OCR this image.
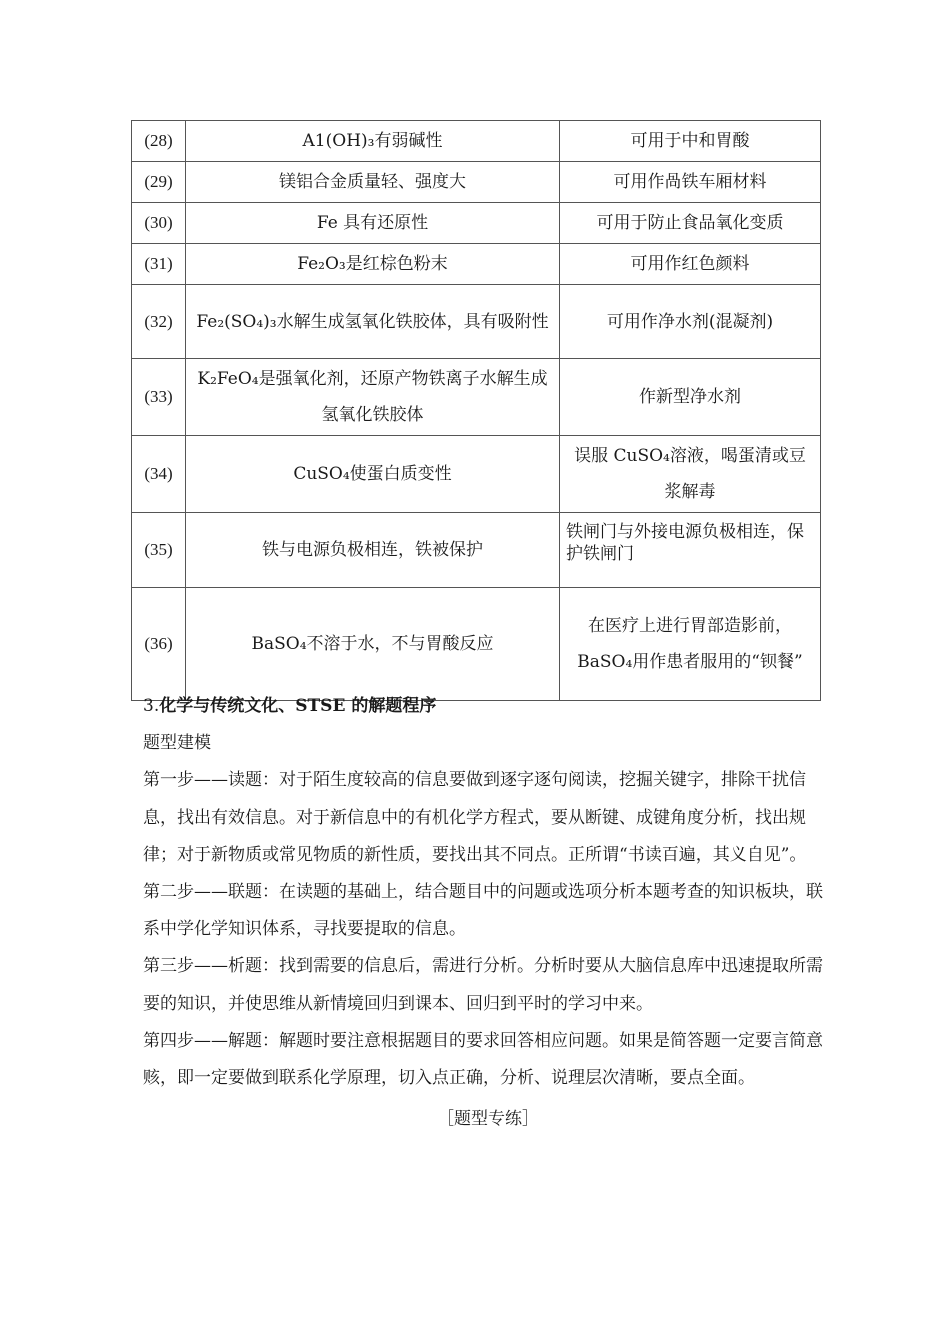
(28)	A1(OH)₃有弱碱性	可用于中和胃酸
(29)	镁铝合金质量轻、强度大	可用作咼铁车厢材料
(30)	Fe 具有还原性	可用于防止食品氧化变质
(31)	Fe₂O₃是红棕色粉末	可用作红色颜料
(32)	Fe₂(SO₄)₃水解生成氢氧化铁胶体，具有吸附性	可用作净水剂(混凝剂)
(33)	K₂FeO₄是强氧化剂，还原产物铁离子水解生成氢氧化铁胶体	作新型净水剂
(34)	CuSO₄使蛋白质变性	误服 CuSO₄溶液，喝蛋清或豆浆解毒
(35)	铁与电源负极相连，铁被保护	铁闸门与外接电源负极相连，保护铁闸门

(36)	BaSO₄不溶于水，不与胃酸反应	在医疗上进行胃部造影前，BaSO₄用作患者服用的“钡餐”

3.化学与传统文化、STSE 的解题程序

题型建模

第一步——读题：对于陌生度较高的信息要做到逐字逐句阅读，挖掘关键字，排除干扰信息，找出有效信息。对于新信息中的有机化学方程式，要从断键、成键角度分析，找出规律；对于新物质或常见物质的新性质，要找出其不同点。正所谓“书读百遍，其义自见”。

第二步——联题：在读题的基础上，结合题目中的问题或选项分析本题考查的知识板块，联系中学化学知识体系，寻找要提取的信息。

第三步——析题：找到需要的信息后，需进行分析。分析时要从大脑信息库中迅速提取所需要的知识，并使思维从新情境回归到课本、回归到平时的学习中来。

第四步——解题：解题时要注意根据题目的要求回答相应问题。如果是简答题一定要言简意赅，即一定要做到联系化学原理，切入点正确，分析、说理层次清晰，要点全面。

［题型专练］
